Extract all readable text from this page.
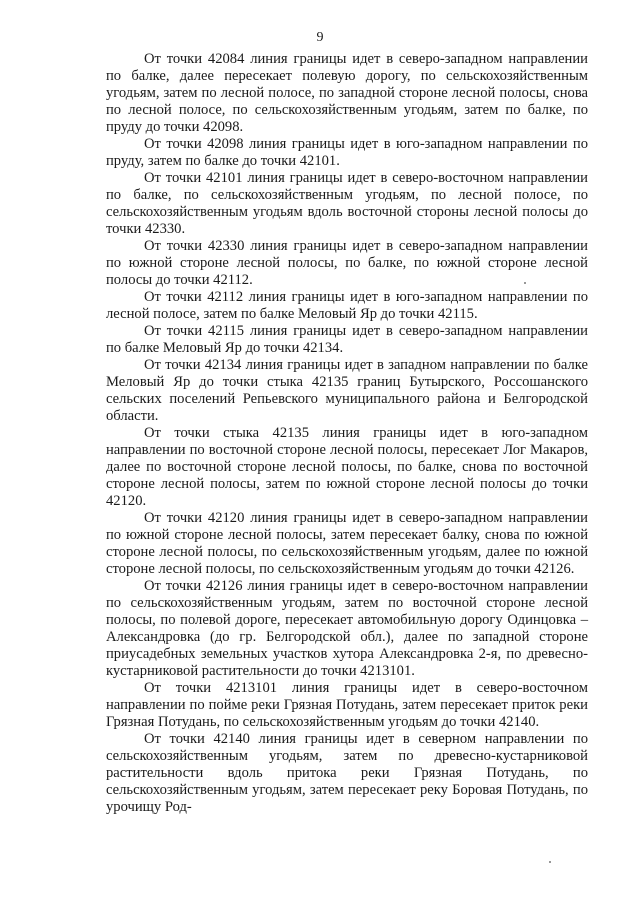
9

От точки 42084 линия границы идет в северо-западном направлении по балке, далее пересекает полевую дорогу, по сельскохозяйственным угодьям, затем по лесной полосе, по западной стороне лесной полосы, снова по лесной полосе, по сельскохозяйственным угодьям, затем по балке, по пруду до точки 42098.

От точки 42098 линия границы идет в юго-западном направлении по пруду, затем по балке до точки 42101.

От точки 42101 линия границы идет в северо-восточном направлении по балке, по сельскохозяйственным угодьям, по лесной полосе, по сельскохозяйственным угодьям вдоль восточной стороны лесной полосы до точки 42330.

От точки 42330 линия границы идет в северо-западном направлении по южной стороне лесной полосы, по балке, по южной стороне лесной полосы до точки 42112.

От точки 42112 линия границы идет в юго-западном направлении по лесной полосе, затем по балке Меловый Яр до точки 42115.

От точки 42115 линия границы идет в северо-западном направлении по балке Меловый Яр до точки 42134.

От точки 42134 линия границы идет в западном направлении по балке Меловый Яр до точки стыка 42135 границ Бутырского, Россошанского сельских поселений Репьевского муниципального района и Белгородской области.

От точки стыка 42135 линия границы идет в юго-западном направлении по восточной стороне лесной полосы, пересекает Лог Макаров, далее по восточной стороне лесной полосы, по балке, снова по восточной стороне лесной полосы, затем по южной стороне лесной полосы до точки 42120.

От точки 42120 линия границы идет в северо-западном направлении по южной стороне лесной полосы, затем пересекает балку, снова по южной стороне лесной полосы, по сельскохозяйственным угодьям, далее по южной стороне лесной полосы, по сельскохозяйственным угодьям до точки 42126.

От точки 42126 линия границы идет в северо-восточном направлении по сельскохозяйственным угодьям, затем по восточной стороне лесной полосы, по полевой дороге, пересекает автомобильную дорогу Одинцовка – Александровка (до гр. Белгородской обл.), далее по западной стороне приусадебных земельных участков хутора Александровка 2-я, по древесно-кустарниковой растительности до точки 4213101.

От точки 4213101 линия границы идет в северо-восточном направлении по пойме реки Грязная Потудань, затем пересекает приток реки Грязная Потудань, по сельскохозяйственным угодьям до точки 42140.

От точки 42140 линия границы идет в северном направлении по сельскохозяйственным угодьям, затем по древесно-кустарниковой растительности вдоль притока реки Грязная Потудань, по сельскохозяйственным угодьям, затем пересекает реку Боровая Потудань, по урочищу Род-
